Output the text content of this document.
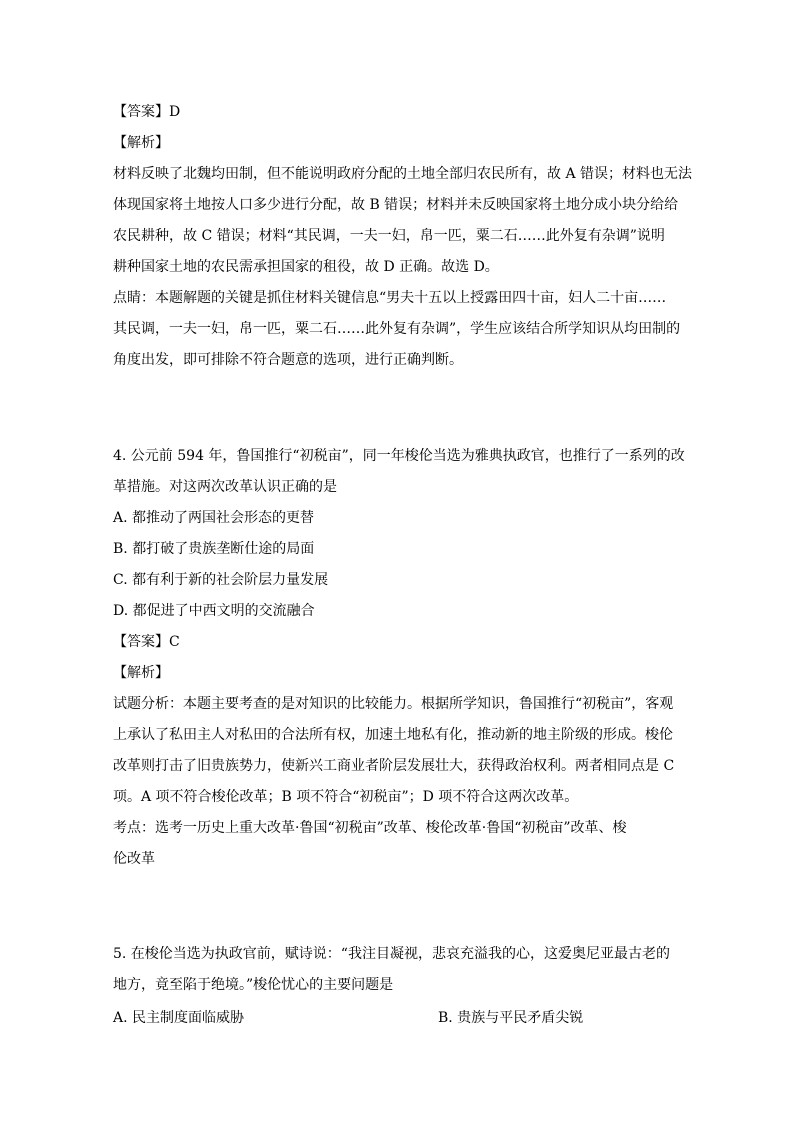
【答案】D
【解析】
材料反映了北魏均田制，但不能说明政府分配的土地全部归农民所有，故 A 错误；材料也无法
体现国家将土地按人口多少进行分配，故 B 错误；材料并未反映国家将土地分成小块分给给
农民耕种，故 C 错误；材料“其民调，一夫一妇，帛一匹，粟二石……此外复有杂调”说明
耕种国家土地的农民需承担国家的租役，故 D 正确。故选 D。
点睛：本题解题的关键是抓住材料关键信息“男夫十五以上授露田四十亩，妇人二十亩……
其民调，一夫一妇，帛一匹，粟二石……此外复有杂调”，学生应该结合所学知识从均田制的
角度出发，即可排除不符合题意的选项，进行正确判断。
4. 公元前 594 年，鲁国推行“初税亩”，同一年梭伦当选为雅典执政官，也推行了一系列的改
革措施。对这两次改革认识正确的是
A. 都推动了两国社会形态的更替
B. 都打破了贵族垄断仕途的局面
C. 都有利于新的社会阶层力量发展
D. 都促进了中西文明的交流融合
【答案】C
【解析】
试题分析：本题主要考查的是对知识的比较能力。根据所学知识，鲁国推行“初税亩”，客观
上承认了私田主人对私田的合法所有权，加速土地私有化，推动新的地主阶级的形成。梭伦
改革则打击了旧贵族势力，使新兴工商业者阶层发展壮大，获得政治权利。两者相同点是 C
项。A 项不符合梭伦改革；B 项不符合“初税亩”；D 项不符合这两次改革。
考点：选考一历史上重大改革·鲁国“初税亩”改革、梭伦改革·鲁国“初税亩”改革、梭
伦改革
5. 在梭伦当选为执政官前，赋诗说：“我注目凝视，悲哀充溢我的心，这爱奥尼亚最古老的
地方，竟至陷于绝境。”梭伦忧心的主要问题是
A. 民主制度面临威胁	B. 贵族与平民矛盾尖锐
